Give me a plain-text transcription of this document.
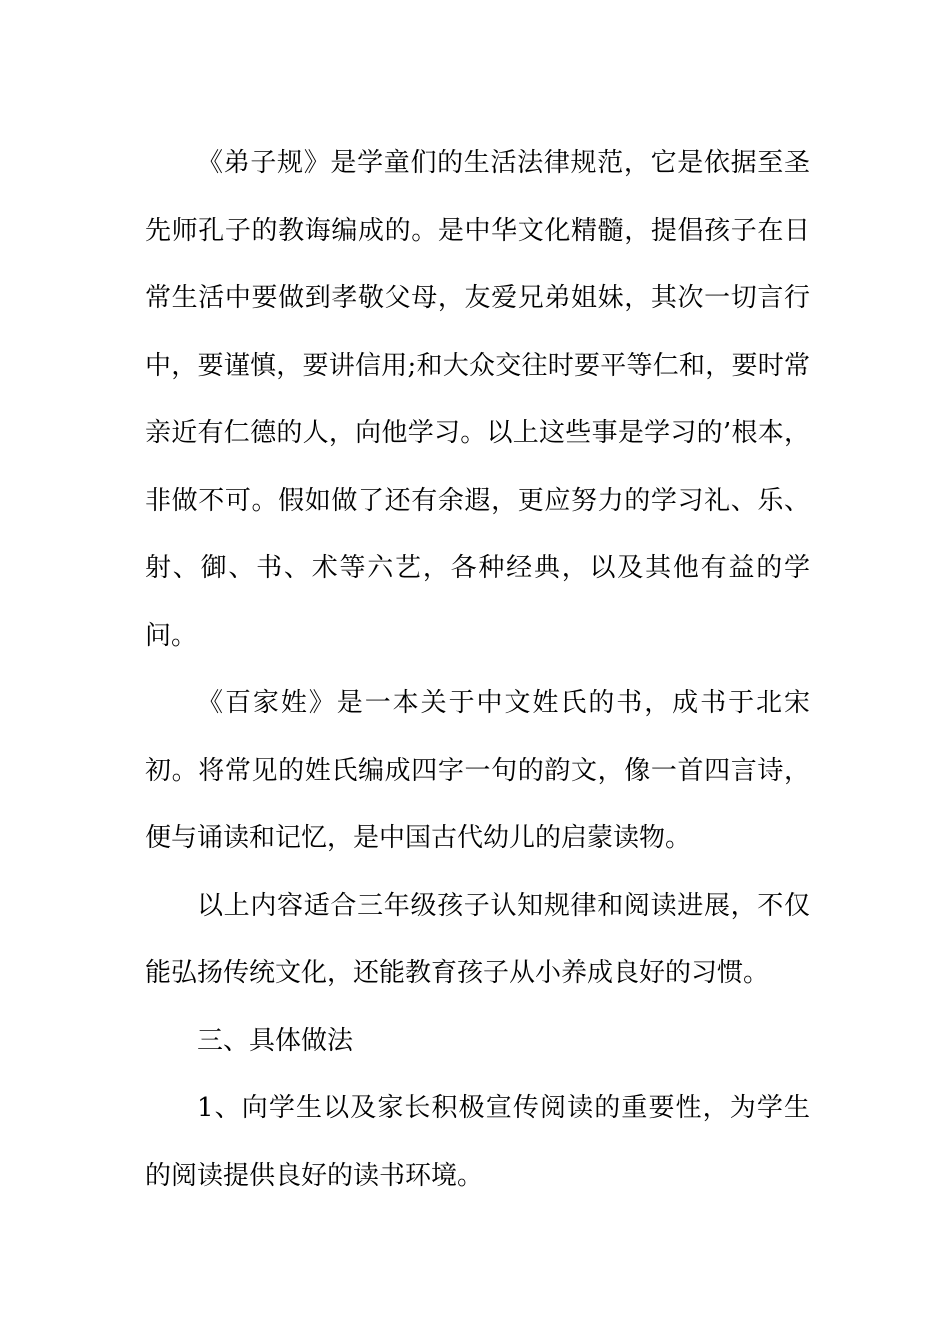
《弟子规》是学童们的生活法律规范，它是依据至圣先师孔子的教诲编成的。是中华文化精髓，提倡孩子在日常生活中要做到孝敬父母，友爱兄弟姐妹，其次一切言行中，要谨慎，要讲信用;和大众交往时要平等仁和，要时常亲近有仁德的人，向他学习。以上这些事是学习的’根本，非做不可。假如做了还有余遐，更应努力的学习礼、乐、射、御、书、术等六艺，各种经典，以及其他有益的学问。

《百家姓》是一本关于中文姓氏的书，成书于北宋初。将常见的姓氏编成四字一句的韵文，像一首四言诗，便与诵读和记忆，是中国古代幼儿的启蒙读物。

以上内容适合三年级孩子认知规律和阅读进展，不仅能弘扬传统文化，还能教育孩子从小养成良好的习惯。

三、具体做法

1、向学生以及家长积极宣传阅读的重要性，为学生的阅读提供良好的读书环境。
